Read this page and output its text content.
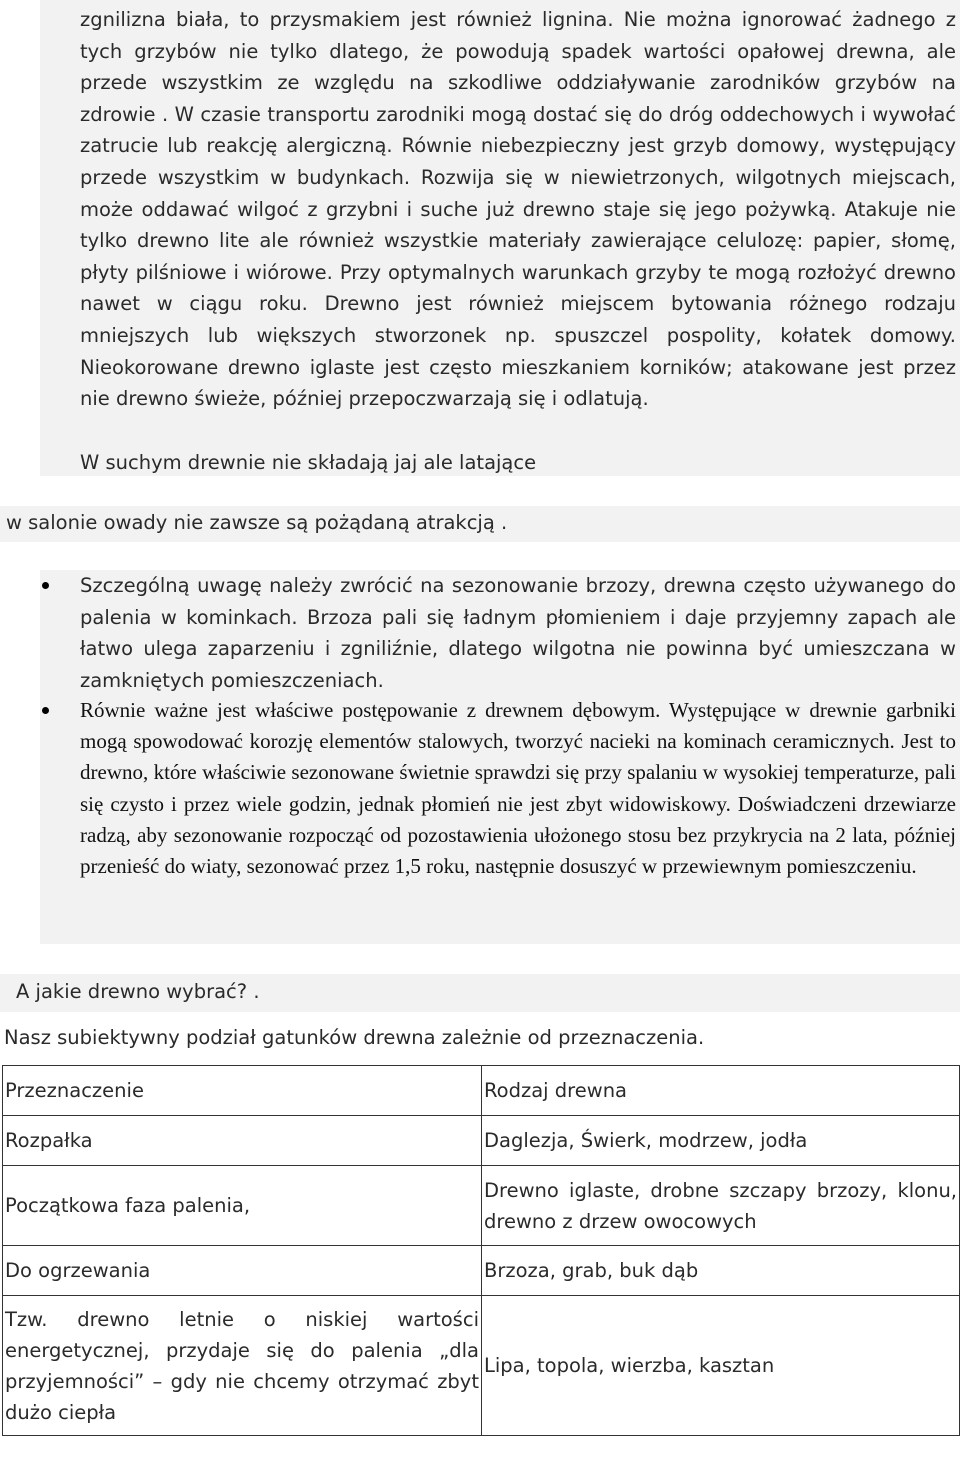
zgnilizna biała, to przysmakiem jest również lignina. Nie można ignorować żadnego z tych grzybów nie tylko dlatego, że powodują spadek wartości opałowej drewna, ale przede wszystkim ze względu na szkodliwe oddziaływanie zarodników grzybów na zdrowie . W czasie transportu zarodniki mogą dostać się do dróg oddechowych i wywołać zatrucie lub reakcję alergiczną. Równie niebezpieczny jest grzyb domowy, występujący przede wszystkim w budynkach. Rozwija się w niewietrzonych, wilgotnych miejscach, może oddawać wilgoć z grzybni i suche już drewno staje się jego pożywką. Atakuje nie tylko drewno lite ale również wszystkie materiały zawierające celulozę: papier, słomę, płyty pilśniowe i wiórowe. Przy optymalnych warunkach grzyby te mogą rozłożyć drewno nawet w ciągu roku. Drewno jest również miejscem bytowania różnego rodzaju mniejszych lub większych stworzonek np. spuszczel pospolity, kołatek domowy. Nieokorowane drewno iglaste jest często mieszkaniem korników; atakowane jest przez nie drewno świeże, później przepoczwarzają się i odlatują.
W suchym drewnie nie składają jaj ale latające
w salonie owady nie zawsze są pożądaną atrakcją .
Szczególną uwagę należy zwrócić na sezonowanie brzozy, drewna często używanego do palenia w kominkach. Brzoza pali się ładnym płomieniem i daje przyjemny zapach ale łatwo ulega zaparzeniu i zgniliźnie, dlatego wilgotna nie powinna być umieszczana w zamkniętych pomieszczeniach.
Równie ważne jest właściwe postępowanie z drewnem dębowym. Występujące w drewnie garbniki mogą spowodować korozję elementów stalowych, tworzyć nacieki na kominach ceramicznych. Jest to drewno, które właściwie sezonowane świetnie sprawdzi się przy spalaniu w wysokiej temperaturze, pali się czysto i przez wiele godzin, jednak płomień nie jest zbyt widowiskowy. Doświadczeni drzewiarze radzą, aby sezonowanie rozpocząć od pozostawienia ułożonego stosu bez przykrycia na 2 lata, później przenieść do wiaty, sezonować przez 1,5 roku, następnie dosuszyć w przewiewnym pomieszczeniu.
A jakie drewno wybrać? .
Nasz subiektywny podział gatunków drewna zależnie od przeznaczenia.
Przeznaczenie	Rodzaj drewna
Rozpałka	Daglezja, Świerk, modrzew, jodła
Początkowa faza palenia,	Drewno iglaste, drobne szczapy brzozy, klonu, drewno z drzew owocowych
Do ogrzewania	Brzoza, grab, buk dąb
Tzw. drewno letnie o niskiej wartości energetycznej, przydaje się do palenia „dla przyjemności” – gdy nie chcemy otrzymać zbyt dużo ciepła	Lipa, topola, wierzba, kasztan
